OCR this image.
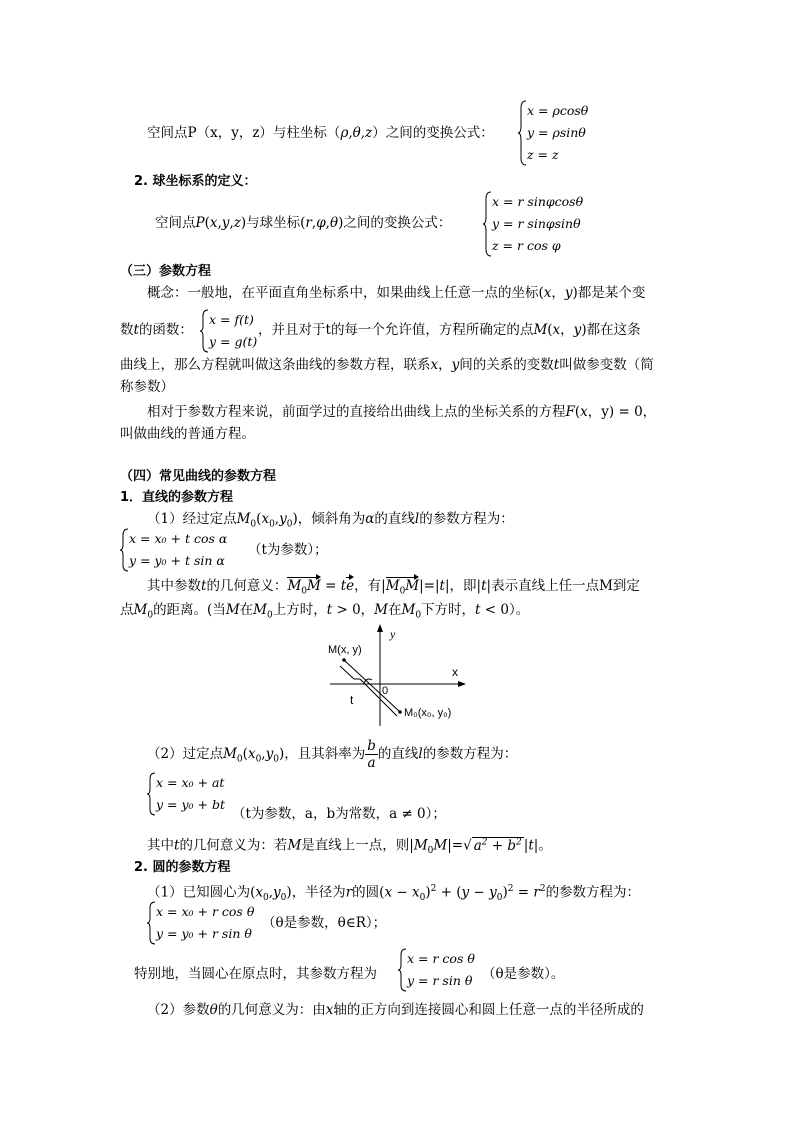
空间点P（x，y，z）与柱坐标（ρ,θ,z）之间的变换公式：
x = ρcosθ
y = ρsinθ
z = z
2. 球坐标系的定义：
空间点P(x,y,z)与球坐标(r,φ,θ)之间的变换公式：
x = r sinφcosθ
y = r sinφsinθ
z = r cos φ
（三）参数方程
概念：一般地，在平面直角坐标系中，如果曲线上任意一点的坐标(x，y)都是某个变
数t的函数：
x = f(t)
y = g(t)
，并且对于t的每一个允许值，方程所确定的点M(x，y)都在这条
曲线上，那么方程就叫做这条曲线的参数方程，联系x，y间的关系的变数t叫做参变数（简
称参数）
相对于参数方程来说，前面学过的直接给出曲线上点的坐标关系的方程F(x，y) = 0，
叫做曲线的普通方程。
（四）常见曲线的参数方程
1．直线的参数方程
（1）经过定点$M_0(x_0,y_0)$，倾斜角为α的直线l的参数方程为：
x = x₀ + t cos α
y = y₀ + t sin α
（t为参数）；
其中参数t的几何意义：$M_0M$ = te，有$|M_0M|=|t|$，即|t|表示直线上任一点M到定
点$M_0$的距离。(当M在$M_0$上方时，t > 0，M在$M_0$下方时，t < 0）。
y
x
M(x, y)
t
0
M₀(x₀, y₀)
（2）过定点$M_0(x_0,y_0)$，且其斜率为 $\frac{b}{a}$ 的直线l的参数方程为：
x = x₀ + at
y = y₀ + bt
（t为参数，a，b为常数，a ≠ 0）；
其中t的几何意义为：若M是直线上一点，则$|M_0M|=√$ $a^2 + b^2$ |t|。
2. 圆的参数方程
（1）已知圆心为$(x_0,y_0)$，半径为r的圆$(x - x_0)^2 + (y - y_0)^2 = r^2$的参数方程为：
x = x₀ + r cos θ
y = y₀ + r sin θ
（θ是参数，θ∈R）；
特别地，当圆心在原点时，其参数方程为
x = r cos θ
y = r sin θ （θ是参数）。
（2）参数θ的几何意义为：由x轴的正方向到连接圆心和圆上任意一点的半径所成的
